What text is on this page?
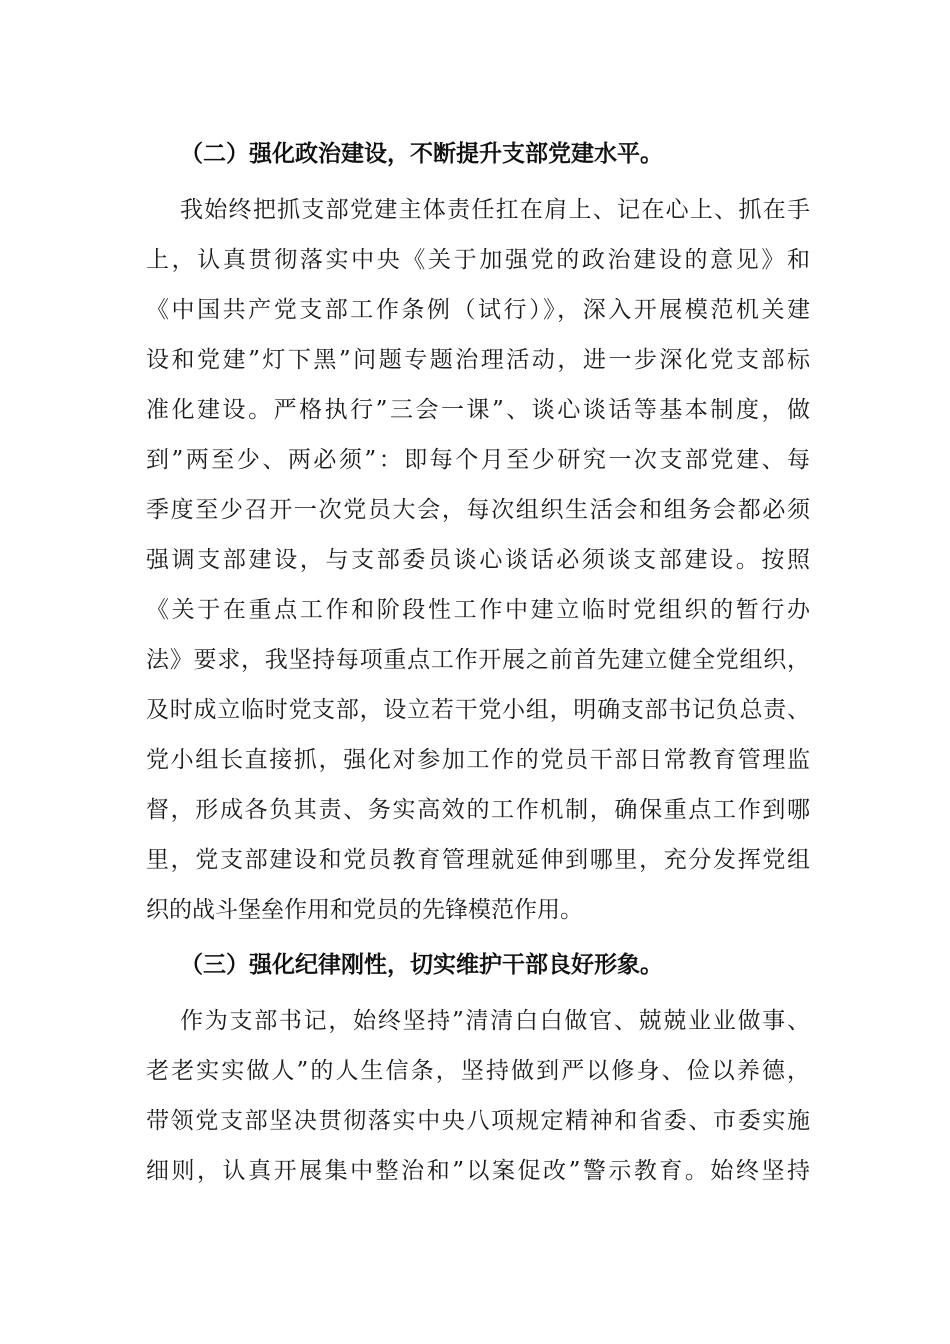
（二）强化政治建设，不断提升支部党建水平。
我始终把抓支部党建主体责任扛在肩上、记在心上、抓在手
上，认真贯彻落实中央《关于加强党的政治建设的意见》和
《中国共产党支部工作条例（试行）》，深入开展模范机关建
设和党建”灯下黑”问题专题治理活动，进一步深化党支部标
准化建设。严格执行”三会一课”、谈心谈话等基本制度，做
到”两至少、两必须”：即每个月至少研究一次支部党建、每
季度至少召开一次党员大会，每次组织生活会和组务会都必须
强调支部建设，与支部委员谈心谈话必须谈支部建设。按照
《关于在重点工作和阶段性工作中建立临时党组织的暂行办
法》要求，我坚持每项重点工作开展之前首先建立健全党组织，
及时成立临时党支部，设立若干党小组，明确支部书记负总责、
党小组长直接抓，强化对参加工作的党员干部日常教育管理监
督，形成各负其责、务实高效的工作机制，确保重点工作到哪
里，党支部建设和党员教育管理就延伸到哪里，充分发挥党组
织的战斗堡垒作用和党员的先锋模范作用。
（三）强化纪律刚性，切实维护干部良好形象。
作为支部书记，始终坚持”清清白白做官、兢兢业业做事、
老老实实做人”的人生信条，坚持做到严以修身、俭以养德，
带领党支部坚决贯彻落实中央八项规定精神和省委、市委实施
细则，认真开展集中整治和”以案促改”警示教育。始终坚持
